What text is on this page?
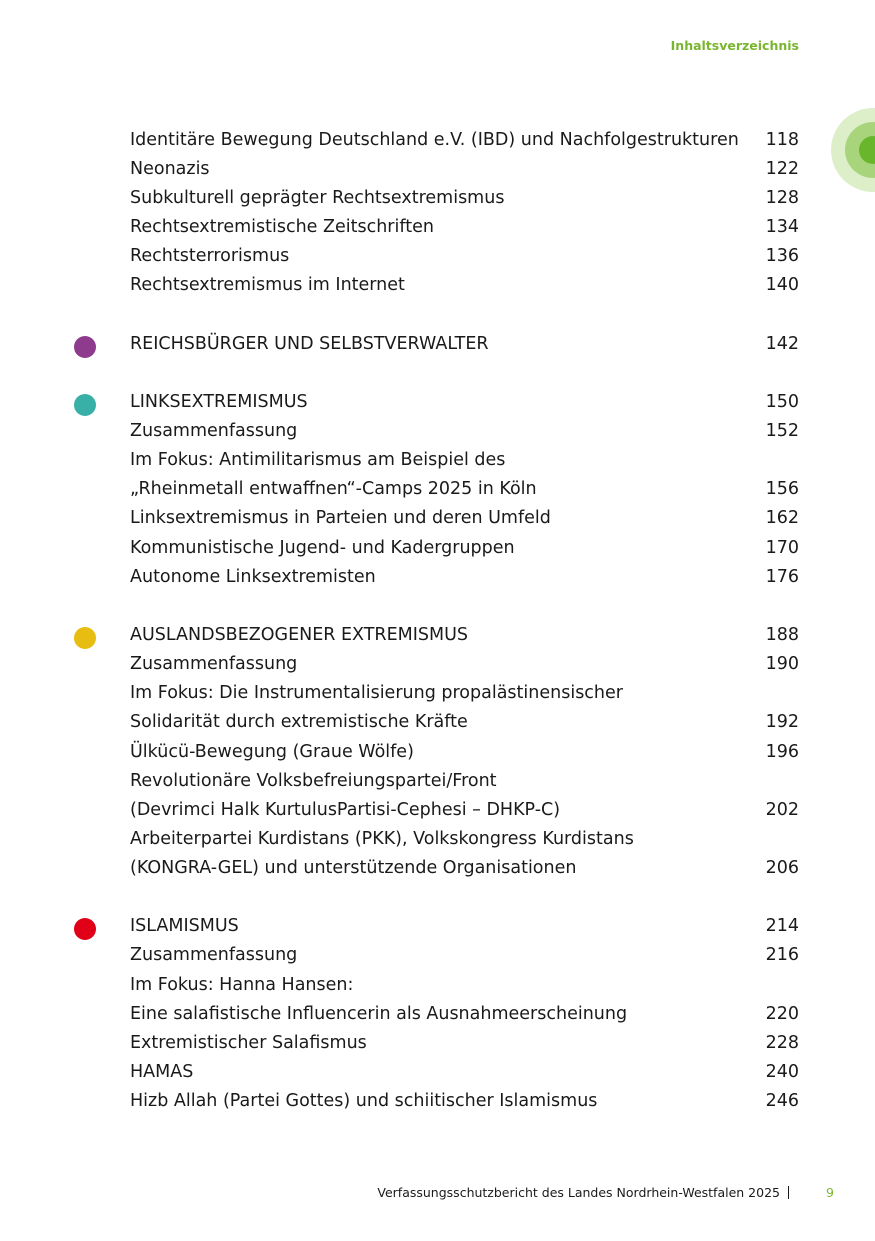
Inhaltsverzeichnis
Identitäre Bewegung Deutschland e.V. (IBD) und Nachfolgestrukturen 118
Neonazis	122
Subkulturell geprägter Rechtsextremismus	128
Rechtsextremistische Zeitschriften	134
Rechtsterrorismus	136
Rechtsextremismus im Internet	140
REICHSBÜRGER UND SELBSTVERWALTER	142
LINKSEXTREMISMUS	150
Zusammenfassung	152
Im Fokus: Antimilitarismus am Beispiel des
„Rheinmetall entwaffnen“-Camps 2025 in Köln	156
Linksextremismus in Parteien und deren Umfeld	162
Kommunistische Jugend- und Kadergruppen	170
Autonome Linksextremisten	176
AUSLANDSBEZOGENER EXTREMISMUS	188
Zusammenfassung	190
Im Fokus: Die Instrumentalisierung propalästinensischer
Solidarität durch extremistische Kräfte	192
Ülkücü-Bewegung (Graue Wölfe)	196
Revolutionäre Volksbefreiungspartei/Front
(Devrimci Halk KurtulusPartisi-Cephesi – DHKP-C)	202
Arbeiterpartei Kurdistans (PKK), Volkskongress Kurdistans
(KONGRA-GEL) und unterstützende Organisationen	206
ISLAMISMUS	214
Zusammenfassung	216
Im Fokus: Hanna Hansen:
Eine salafistische Influencerin als Ausnahmeerscheinung	220
Extremistischer Salafismus	228
HAMAS	240
Hizb Allah (Partei Gottes) und schiitischer Islamismus	246
Verfassungsschutzbericht des Landes Nordrhein-Westfalen 2025	9
